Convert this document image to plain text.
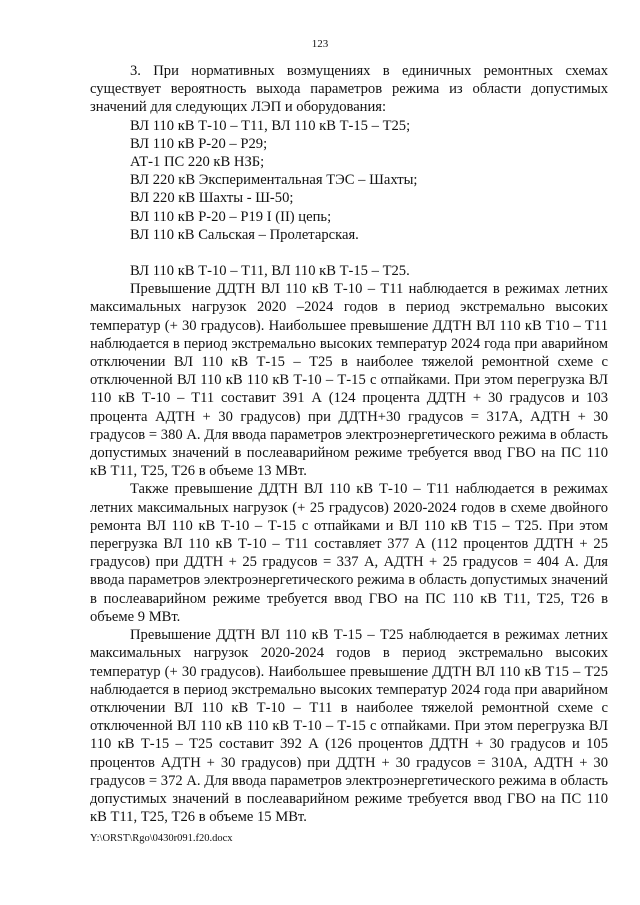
123

3. При нормативных возмущениях в единичных ремонтных схемах существует вероятность выхода параметров режима из области допустимых значений для следующих ЛЭП и оборудования:

ВЛ 110 кВ Т-10 – Т11, ВЛ 110 кВ Т-15 – Т25;
ВЛ 110 кВ Р-20 – Р29;
АТ-1 ПС 220 кВ НЗБ;
ВЛ 220 кВ Экспериментальная ТЭС – Шахты;
ВЛ 220 кВ Шахты - Ш-50;
ВЛ 110 кВ Р-20 – Р19 I (II) цепь;
ВЛ 110 кВ Сальская – Пролетарская.

ВЛ 110 кВ Т-10 – Т11, ВЛ 110 кВ Т-15 – Т25.

Превышение ДДТН ВЛ 110 кВ Т-10 – Т11 наблюдается в режимах летних максимальных нагрузок 2020 –2024 годов в период экстремально высоких температур (+ 30 градусов). Наибольшее превышение ДДТН ВЛ 110 кВ Т10 – Т11 наблюдается в период экстремально высоких температур 2024 года при аварийном отключении ВЛ 110 кВ Т-15 – Т25 в наиболее тяжелой ремонтной схеме с отключенной ВЛ 110 кВ 110 кВ Т-10 – Т-15 с отпайками. При этом перегрузка ВЛ 110 кВ Т-10 – Т11 составит 391 А (124 процента ДДТН + 30 градусов и 103 процента АДТН + 30 градусов) при ДДТН+30 градусов = 317А, АДТН + 30 градусов = 380 А. Для ввода параметров электроэнергетического режима в область допустимых значений в послеаварийном режиме требуется ввод ГВО на ПС 110 кВ Т11, Т25, Т26 в объеме 13 МВт.

Также превышение ДДТН ВЛ 110 кВ Т-10 – Т11 наблюдается в режимах летних максимальных нагрузок (+ 25 градусов) 2020-2024 годов в схеме двойного ремонта ВЛ 110 кВ Т-10 – Т-15 с отпайками и ВЛ 110 кВ Т15 – Т25. При этом перегрузка ВЛ 110 кВ Т-10 – Т11 составляет 377 А (112 процентов ДДТН + 25 градусов) при ДДТН + 25 градусов = 337 А, АДТН + 25 градусов = 404 А. Для ввода параметров электроэнергетического режима в область допустимых значений в послеаварийном режиме требуется ввод ГВО на ПС 110 кВ Т11, Т25, Т26 в объеме 9 МВт.

Превышение ДДТН ВЛ 110 кВ Т-15 – Т25 наблюдается в режимах летних максимальных нагрузок 2020-2024 годов в период экстремально высоких температур (+ 30 градусов). Наибольшее превышение ДДТН ВЛ 110 кВ Т15 – Т25 наблюдается в период экстремально высоких температур 2024 года при аварийном отключении ВЛ 110 кВ Т-10 – Т11 в наиболее тяжелой ремонтной схеме с отключенной ВЛ 110 кВ 110 кВ Т-10 – Т-15 с отпайками. При этом перегрузка ВЛ 110 кВ Т-15 – Т25 составит 392 А (126 процентов ДДТН + 30 градусов и 105 процентов АДТН + 30 градусов) при ДДТН + 30 градусов = 310А, АДТН + 30 градусов = 372 А. Для ввода параметров электроэнергетического режима в область допустимых значений в послеаварийном режиме требуется ввод ГВО на ПС 110 кВ Т11, Т25, Т26 в объеме 15 МВт.

Y:\ORST\Rgo\0430r091.f20.docx
